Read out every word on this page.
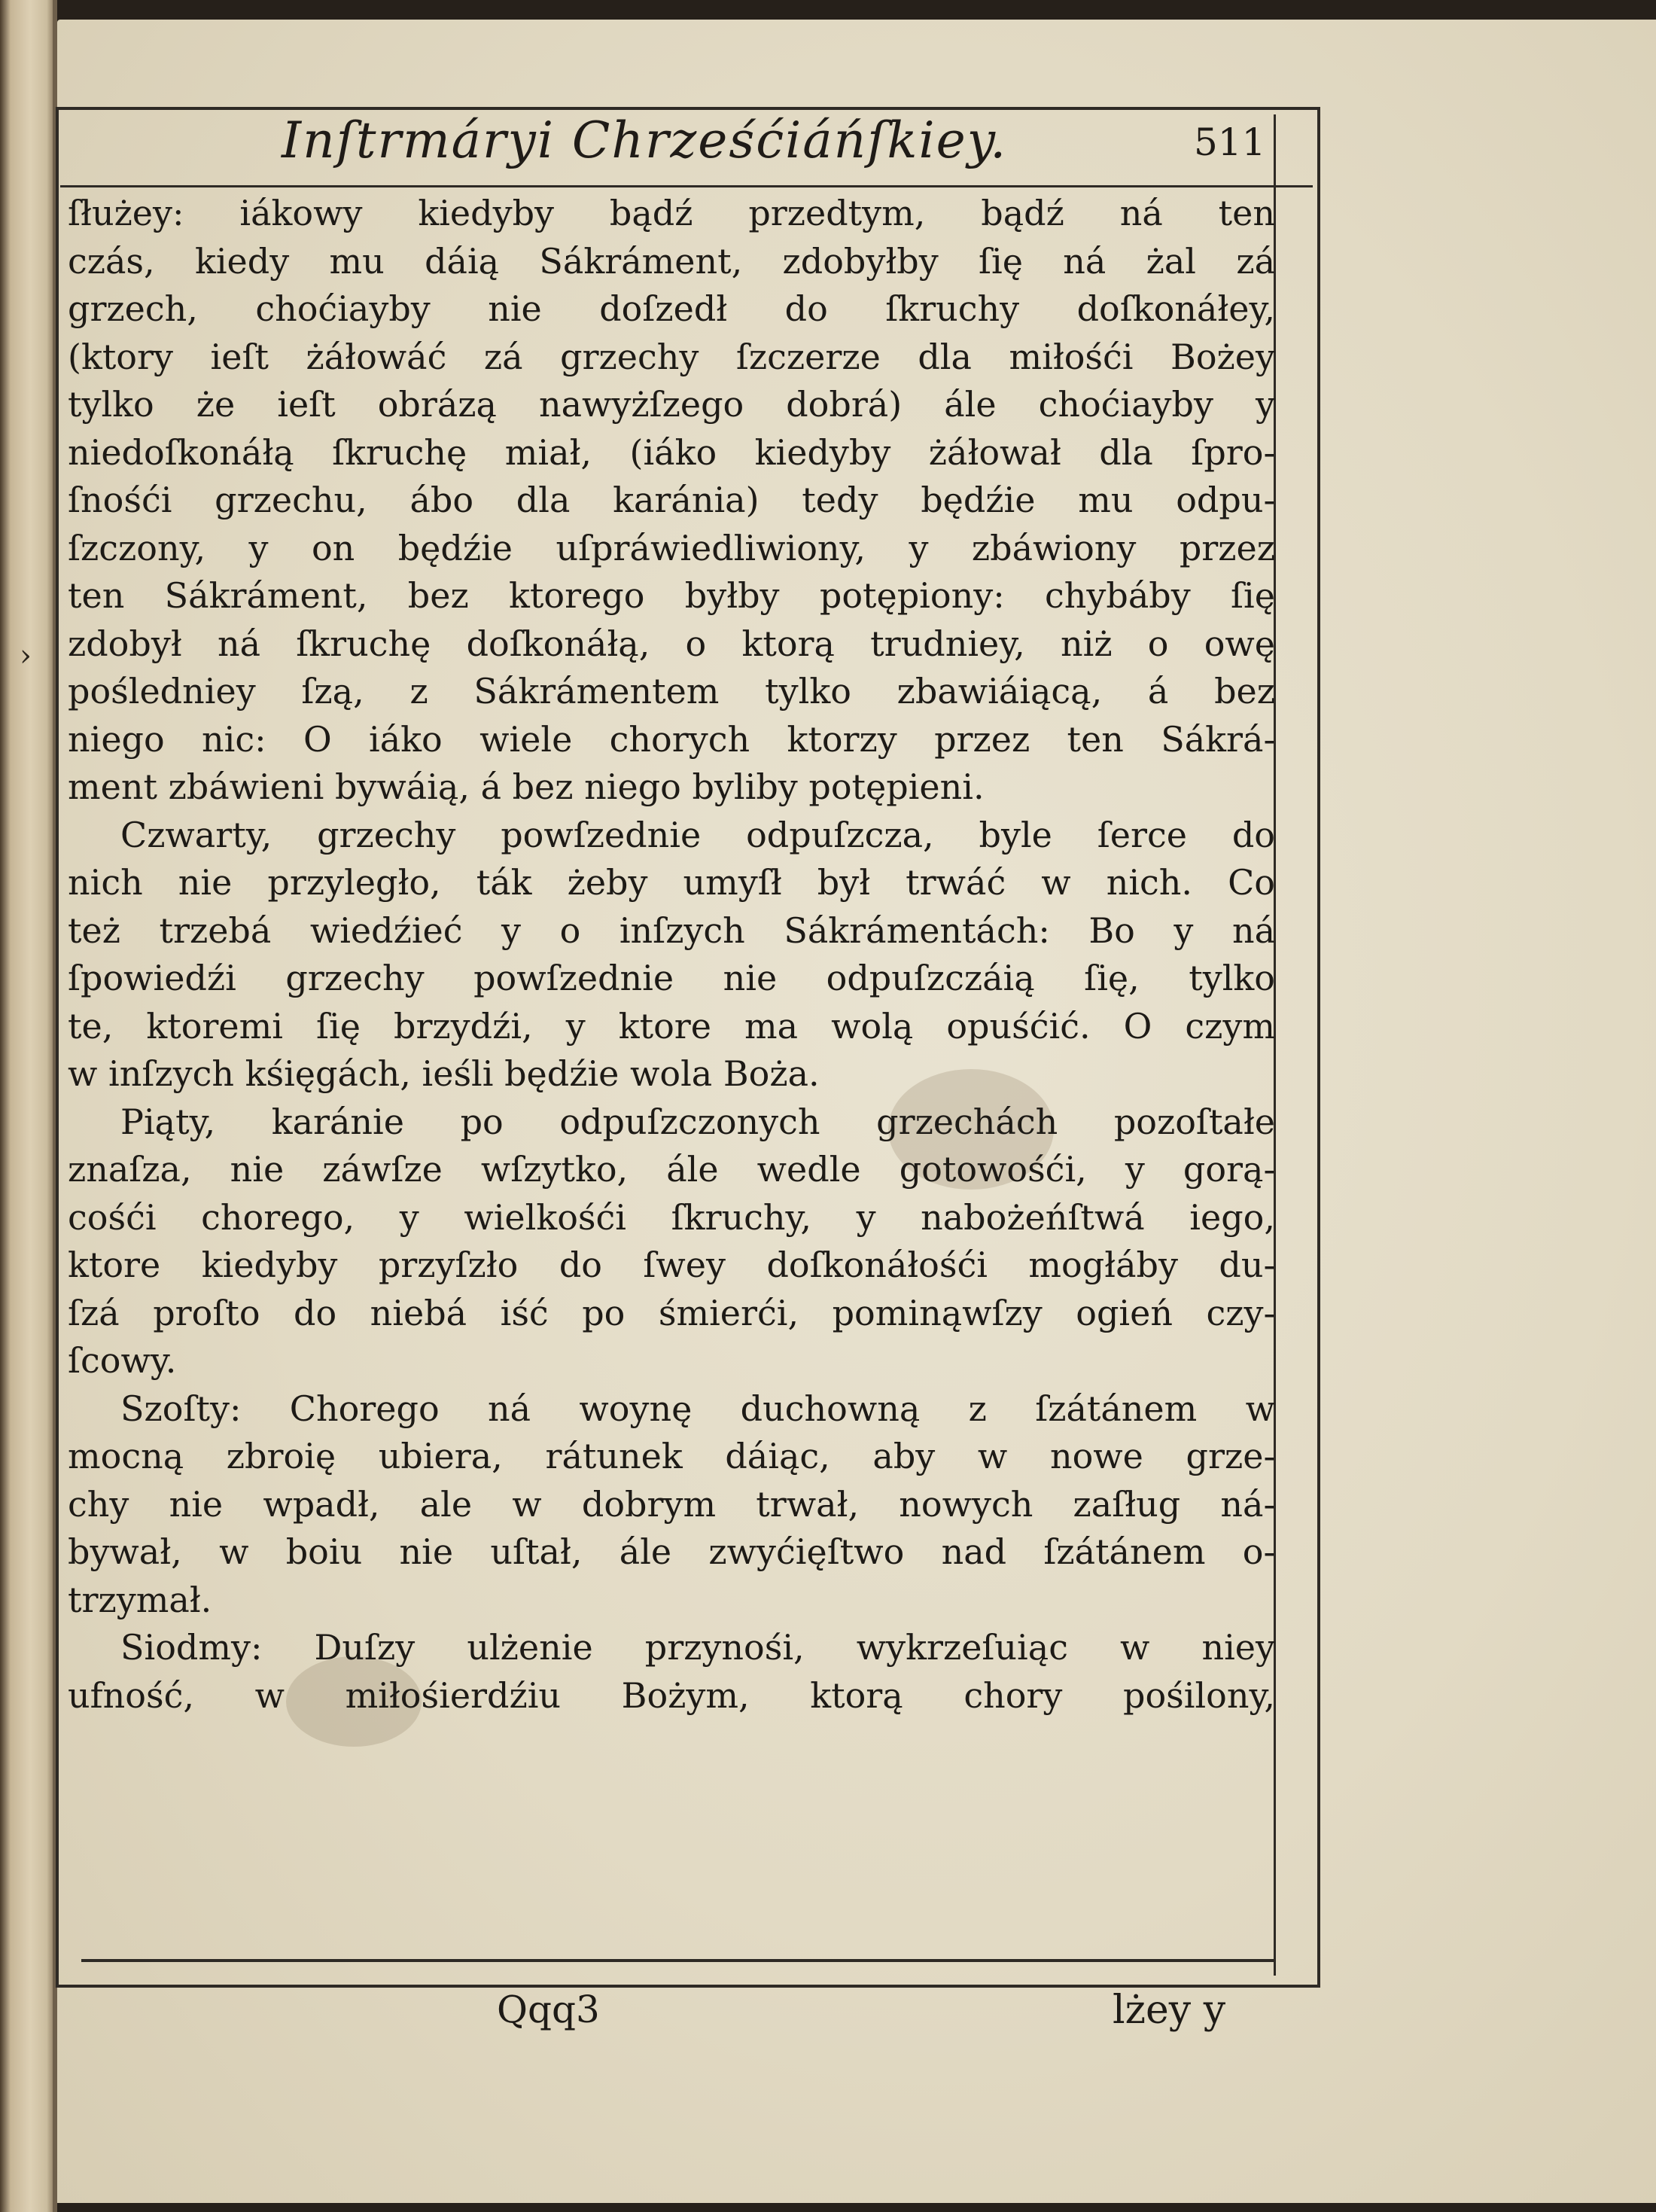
Inſtrmáryi Chrześćiáńſkiey.	511
›
ſłużey: iákowy kiedyby bądź przedtym, bądź ná ten
czás, kiedy mu dáią Sákráment, zdobyłby ſię ná żal zá
grzech, choćiayby nie doſzedł do ſkruchy doſkonáłey,
(ktory ieſt żáłowáć zá grzechy ſzczerze dla miłośći Bożey
tylko że ieſt obrázą nawyżſzego dobrá) ále choćiayby y
niedoſkonáłą ſkruchę miał, (iáko kiedyby żáłował dla ſpro-
ſnośći grzechu, ábo dla karánia) tedy będźie mu odpu-
ſzczony, y on będźie uſpráwiedliwiony, y zbáwiony przez
ten Sákráment, bez ktorego byłby potępiony: chybáby ſię
zdobył ná ſkruchę doſkonáłą, o ktorą trudniey, niż o owę
pośledniey ſzą, z Sákrámentem tylko zbawiáiącą, á bez
niego nic: O iáko wiele chorych ktorzy przez ten Sákrá-
ment zbáwieni bywáią, á bez niego byliby potępieni.
Czwarty, grzechy powſzednie odpuſzcza, byle ſerce do
nich nie przyległo, ták żeby umyſł był trwáć w nich. Co
też trzebá wiedźieć y o inſzych Sákrámentách: Bo y ná
ſpowiedźi grzechy powſzednie nie odpuſzczáią ſię, tylko
te, ktoremi ſię brzydźi, y ktore ma wolą opuśćić. O czym
w inſzych kśięgách, ieśli będźie wola Boża.
Piąty, karánie po odpuſzczonych grzechách pozoſtałe
znaſza, nie záwſze wſzytko, ále wedle gotowośći, y gorą-
cośći chorego, y wielkośći ſkruchy, y nabożeńſtwá iego,
ktore kiedyby przyſzło do ſwey doſkonáłośći mogłáby du-
ſzá proſto do niebá iść po śmierći, pominąwſzy ogień czy-
ſcowy.
Szoſty: Chorego ná woynę duchowną z ſzátánem w
mocną zbroię ubiera, rátunek dáiąc, aby w nowe grze-
chy nie wpadł, ale w dobrym trwał, nowych zaſług ná-
bywał, w boiu nie uſtał, ále zwyćięſtwo nad ſzátánem o-
trzymał.
Siodmy: Duſzy ulżenie przynośi, wykrzeſuiąc w niey
ufność, w miłośierdźiu Bożym, ktorą chory pośilony,
Qqq3	lżey y
